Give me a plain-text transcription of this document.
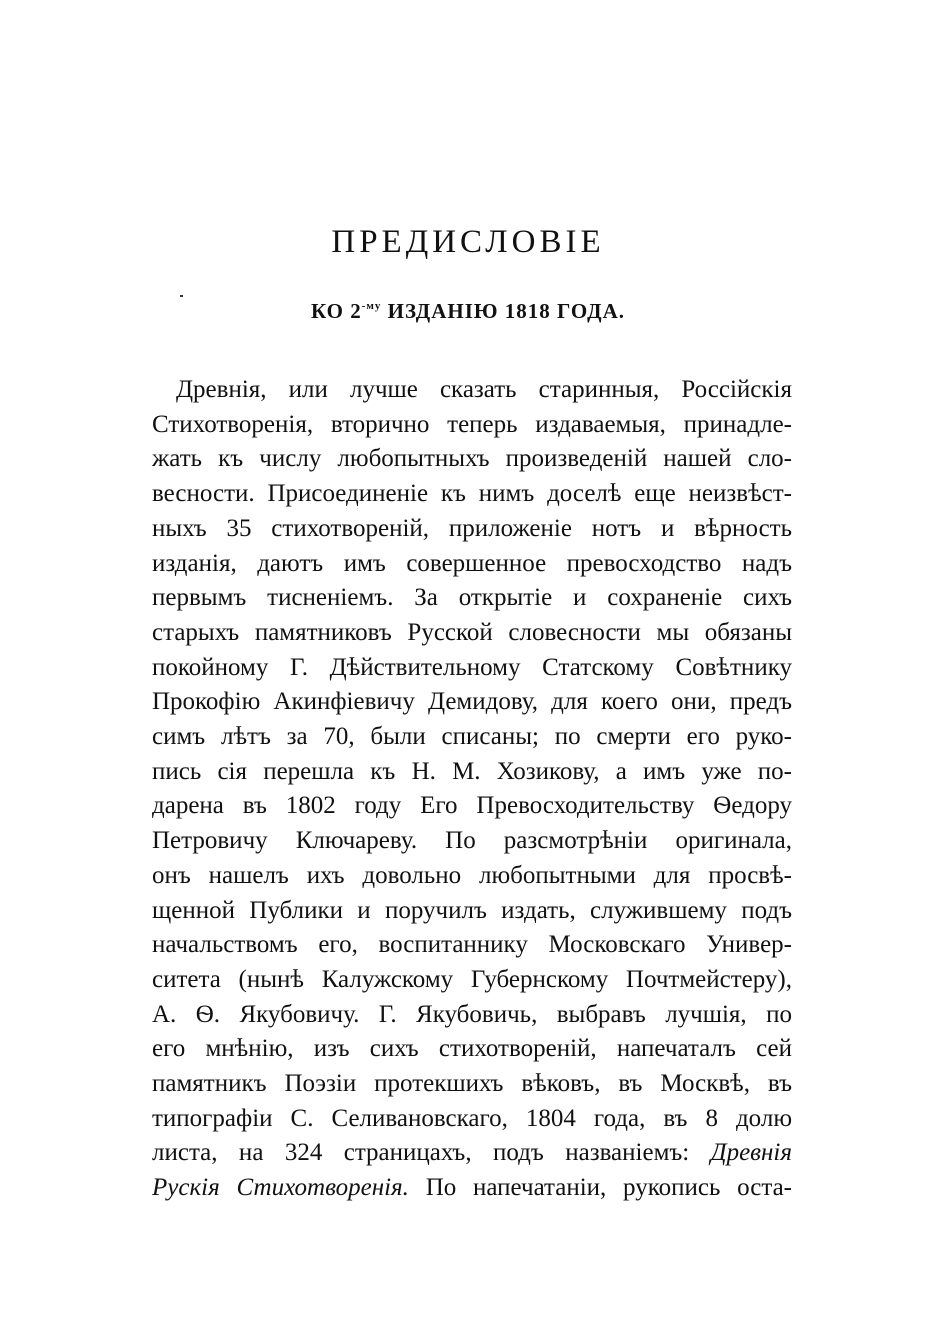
ПРЕДИСЛОВІЕ
КО $2^{-му}$ ИЗДАНІЮ 1818 ГОДА.
Древнія, или лучше сказать старинныя, Россійскія
Стихотворенія, вторично теперь издаваемыя, принадле-
жать къ числу любопытныхъ произведеній нашей сло-
весности. Присоединеніе къ нимъ доселѣ еще неизвѣст-
ныхъ 35 стихотвореній, приложеніе нотъ и вѣрность
изданія, даютъ имъ совершенное превосходство надъ
первымъ тисненіемъ. За открытіе и сохраненіе сихъ
старыхъ памятниковъ Русской словесности мы обязаны
покойному Г. Дѣйствительному Статскому Совѣтнику
Прокофію Акинфіевичу Демидову, для коего они, предъ
симъ лѣтъ за 70, были списаны; по смерти его руко-
пись сія перешла къ Н. М. Хозикову, а имъ уже по-
дарена въ 1802 году Его Превосходительству Ѳедору
Петровичу Ключареву. По разсмотрѣніи оригинала,
онъ нашелъ ихъ довольно любопытными для просвѣ-
щенной Публики и поручилъ издать, служившему подъ
начальствомъ его, воспитаннику Московскаго Универ-
ситета (нынѣ Калужскому Губернскому Почтмейстеру),
А. Ѳ. Якубовичу. Г. Якубовичь, выбравъ лучшія, по
его мнѣнію, изъ сихъ стихотвореній, напечаталъ сей
памятникъ Поэзіи протекшихъ вѣковъ, въ Москвѣ, въ
типографіи С. Селивановскаго, 1804 года, въ 8 долю
листа, на 324 страницахъ, подъ названіемъ: Древнія
Рускія Стихотворенія. По напечатаніи, рукопись оста-
